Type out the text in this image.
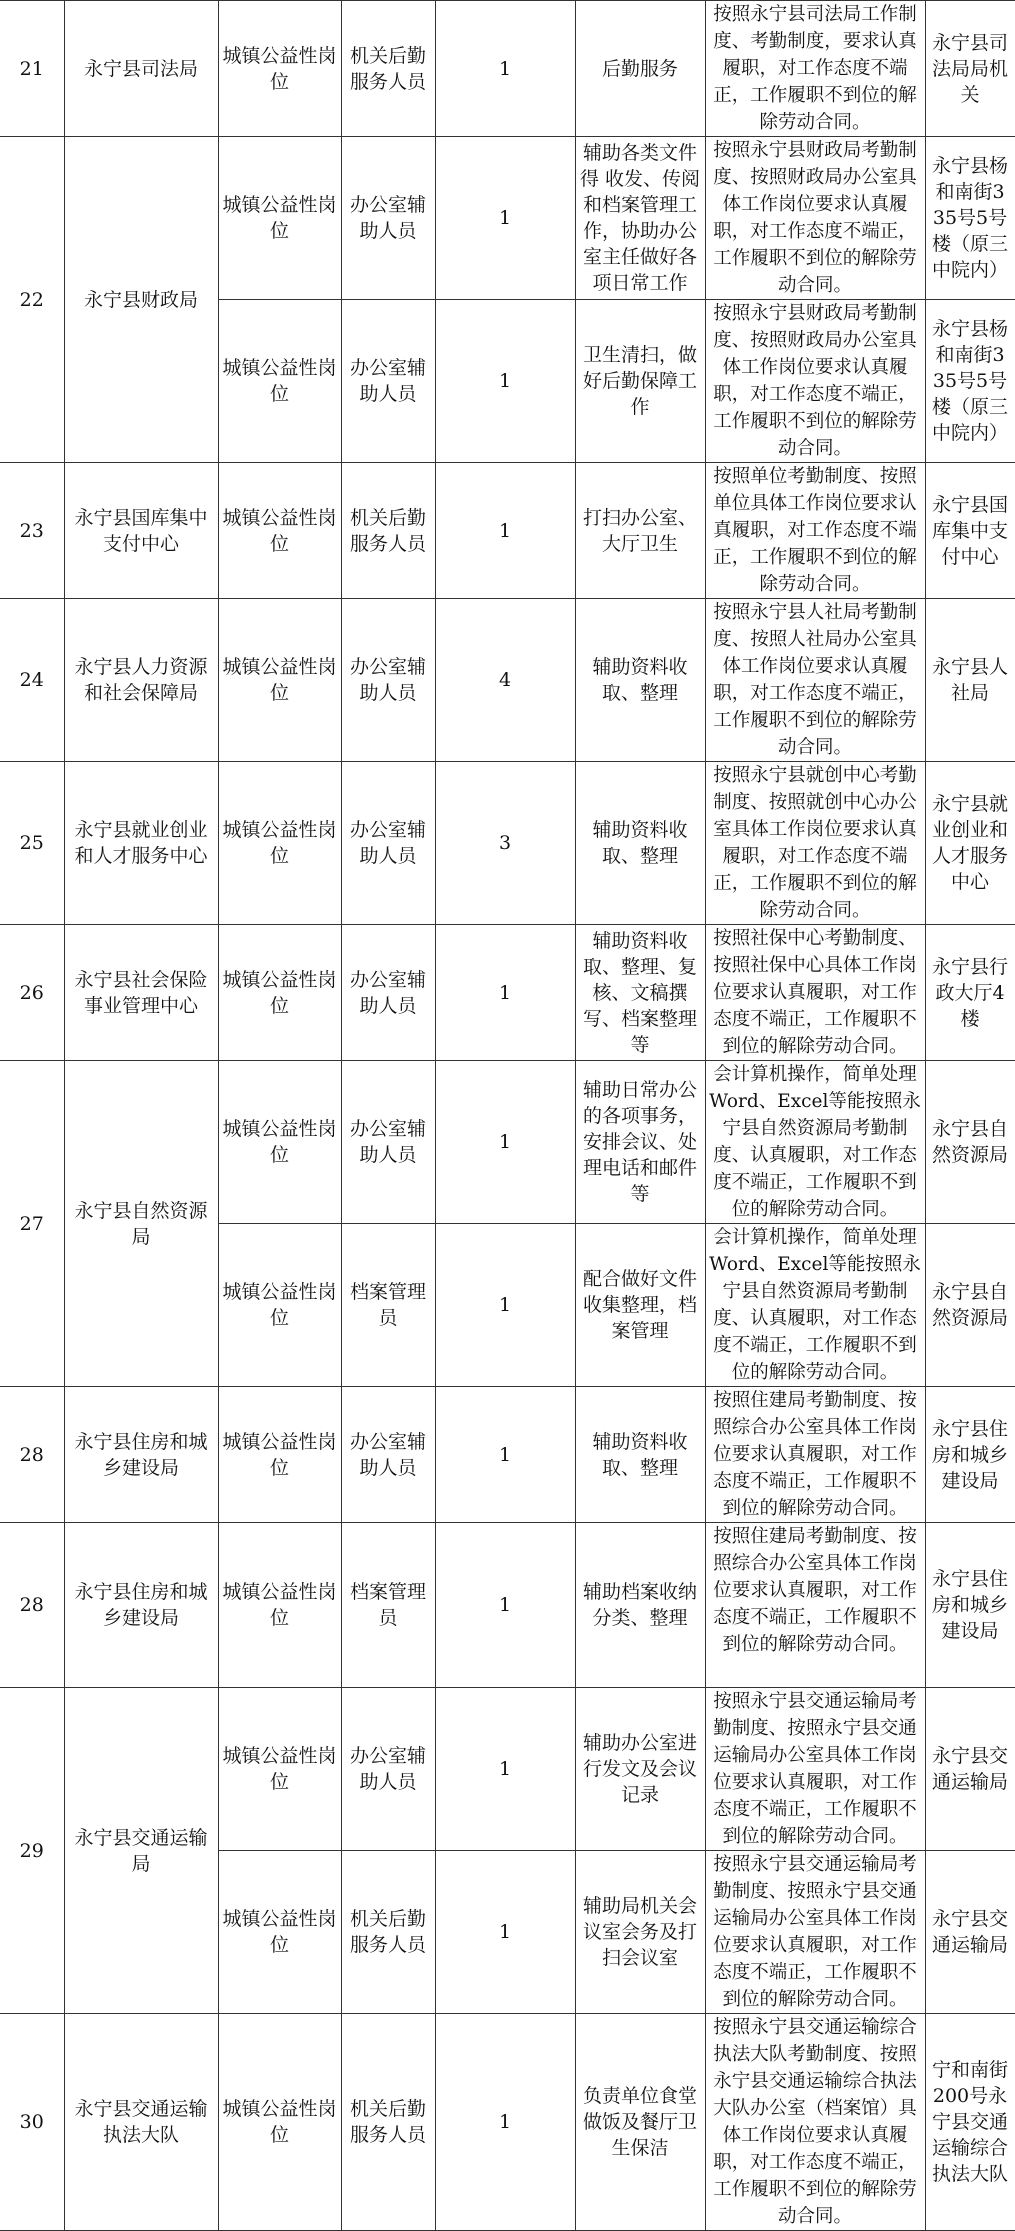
21	永宁县司法局	城镇公益性岗位	机关后勤服务人员	1	后勤服务	按照永宁县司法局工作制度、考勤制度，要求认真履职，对工作态度不端正，工作履职不到位的解除劳动合同。	永宁县司法局局机关
22	永宁县财政局	城镇公益性岗位	办公室辅助人员	1	辅助各类文件得 收发、传阅和档案管理工作，协助办公室主任做好各项日常工作	按照永宁县财政局考勤制度、按照财政局办公室具体工作岗位要求认真履职，对工作态度不端正，工作履职不到位的解除劳动合同。	永宁县杨和南街335号5号楼（原三中院内）
		城镇公益性岗位	办公室辅助人员	1	卫生清扫，做好后勤保障工作	按照永宁县财政局考勤制度、按照财政局办公室具体工作岗位要求认真履职，对工作态度不端正，工作履职不到位的解除劳动合同。	永宁县杨和南街335号5号楼（原三中院内）
23	永宁县国库集中支付中心	城镇公益性岗位	机关后勤服务人员	1	打扫办公室、大厅卫生	按照单位考勤制度、按照单位具体工作岗位要求认真履职，对工作态度不端正，工作履职不到位的解除劳动合同。	永宁县国库集中支付中心
24	永宁县人力资源和社会保障局	城镇公益性岗位	办公室辅助人员	4	辅助资料收取、整理	按照永宁县人社局考勤制度、按照人社局办公室具体工作岗位要求认真履职，对工作态度不端正，工作履职不到位的解除劳动合同。	永宁县人社局
25	永宁县就业创业和人才服务中心	城镇公益性岗位	办公室辅助人员	3	辅助资料收取、整理	按照永宁县就创中心考勤制度、按照就创中心办公室具体工作岗位要求认真履职，对工作态度不端正，工作履职不到位的解除劳动合同。	永宁县就业创业和人才服务中心
26	永宁县社会保险事业管理中心	城镇公益性岗位	办公室辅助人员	1	辅助资料收取、整理、复核、文稿撰写、档案整理等	按照社保中心考勤制度、按照社保中心具体工作岗位要求认真履职，对工作态度不端正，工作履职不到位的解除劳动合同。	永宁县行政大厅4楼
27	永宁县自然资源局	城镇公益性岗位	办公室辅助人员	1	辅助日常办公的各项事务，安排会议、处理电话和邮件等	会计算机操作，简单处理Word、Excel等能按照永宁县自然资源局考勤制度、认真履职，对工作态度不端正，工作履职不到位的解除劳动合同。	永宁县自然资源局
		城镇公益性岗位	档案管理员	1	配合做好文件收集整理，档案管理	会计算机操作，简单处理Word、Excel等能按照永宁县自然资源局考勤制度、认真履职，对工作态度不端正，工作履职不到位的解除劳动合同。	永宁县自然资源局
28	永宁县住房和城乡建设局	城镇公益性岗位	办公室辅助人员	1	辅助资料收取、整理	按照住建局考勤制度、按照综合办公室具体工作岗位要求认真履职，对工作态度不端正，工作履职不到位的解除劳动合同。	永宁县住房和城乡建设局
28	永宁县住房和城乡建设局	城镇公益性岗位	档案管理员	1	辅助档案收纳分类、整理	按照住建局考勤制度、按照综合办公室具体工作岗位要求认真履职，对工作态度不端正，工作履职不到位的解除劳动合同。	永宁县住房和城乡建设局
29	永宁县交通运输局	城镇公益性岗位	办公室辅助人员	1	辅助办公室进行发文及会议记录	按照永宁县交通运输局考勤制度、按照永宁县交通运输局办公室具体工作岗位要求认真履职，对工作态度不端正，工作履职不到位的解除劳动合同。	永宁县交通运输局
		城镇公益性岗位	机关后勤服务人员	1	辅助局机关会议室会务及打扫会议室	按照永宁县交通运输局考勤制度、按照永宁县交通运输局办公室具体工作岗位要求认真履职，对工作态度不端正，工作履职不到位的解除劳动合同。	永宁县交通运输局
30	永宁县交通运输执法大队	城镇公益性岗位	机关后勤服务人员	1	负责单位食堂做饭及餐厅卫生保洁	按照永宁县交通运输综合执法大队考勤制度、按照永宁县交通运输综合执法大队办公室（档案馆）具体工作岗位要求认真履职，对工作态度不端正，工作履职不到位的解除劳动合同。	宁和南街200号永宁县交通运输综合执法大队
